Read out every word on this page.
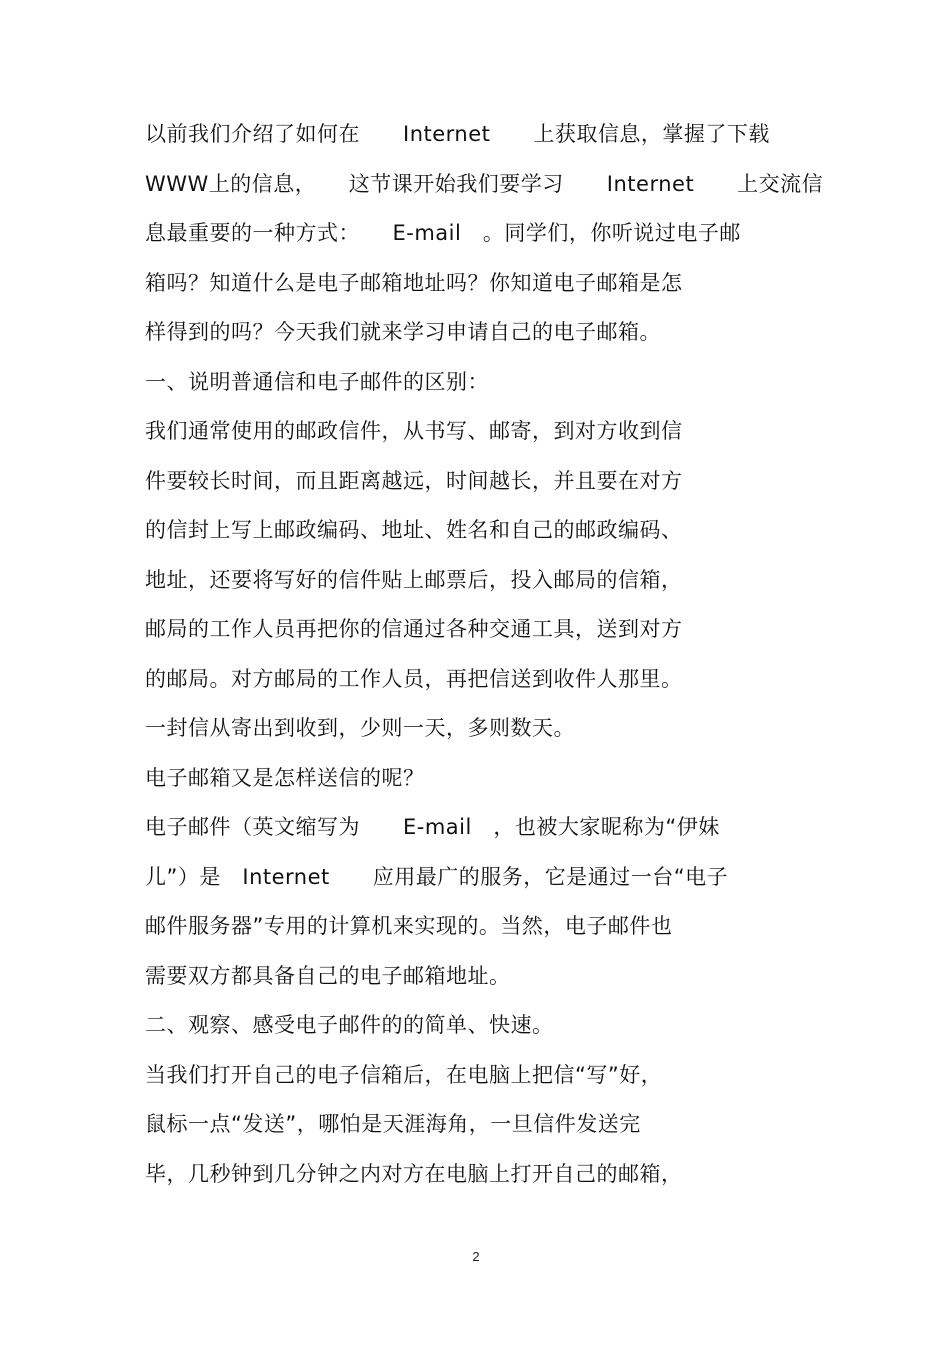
以前我们介绍了如何在　　Internet　　上获取信息，掌握了下载
WWW上的信息，　　这节课开始我们要学习　　Internet　　上交流信
息最重要的一种方式：　　E-mail　。同学们，你听说过电子邮
箱吗？知道什么是电子邮箱地址吗？你知道电子邮箱是怎
样得到的吗？今天我们就来学习申请自己的电子邮箱。
一、说明普通信和电子邮件的区别：
我们通常使用的邮政信件，从书写、邮寄，到对方收到信
件要较长时间，而且距离越远，时间越长，并且要在对方
的信封上写上邮政编码、地址、姓名和自己的邮政编码、
地址，还要将写好的信件贴上邮票后，投入邮局的信箱，
邮局的工作人员再把你的信通过各种交通工具，送到对方
的邮局。对方邮局的工作人员，再把信送到收件人那里。
一封信从寄出到收到，少则一天，多则数天。
电子邮箱又是怎样送信的呢？
电子邮件（英文缩写为　　E-mail　，也被大家昵称为“伊妹
儿”）是　Internet　　应用最广的服务，它是通过一台“电子
邮件服务器”专用的计算机来实现的。当然，电子邮件也
需要双方都具备自己的电子邮箱地址。
二、观察、感受电子邮件的的简单、快速。
当我们打开自己的电子信箱后，在电脑上把信“写”好，
鼠标一点“发送”，哪怕是天涯海角，一旦信件发送完
毕，几秒钟到几分钟之内对方在电脑上打开自己的邮箱，
2
